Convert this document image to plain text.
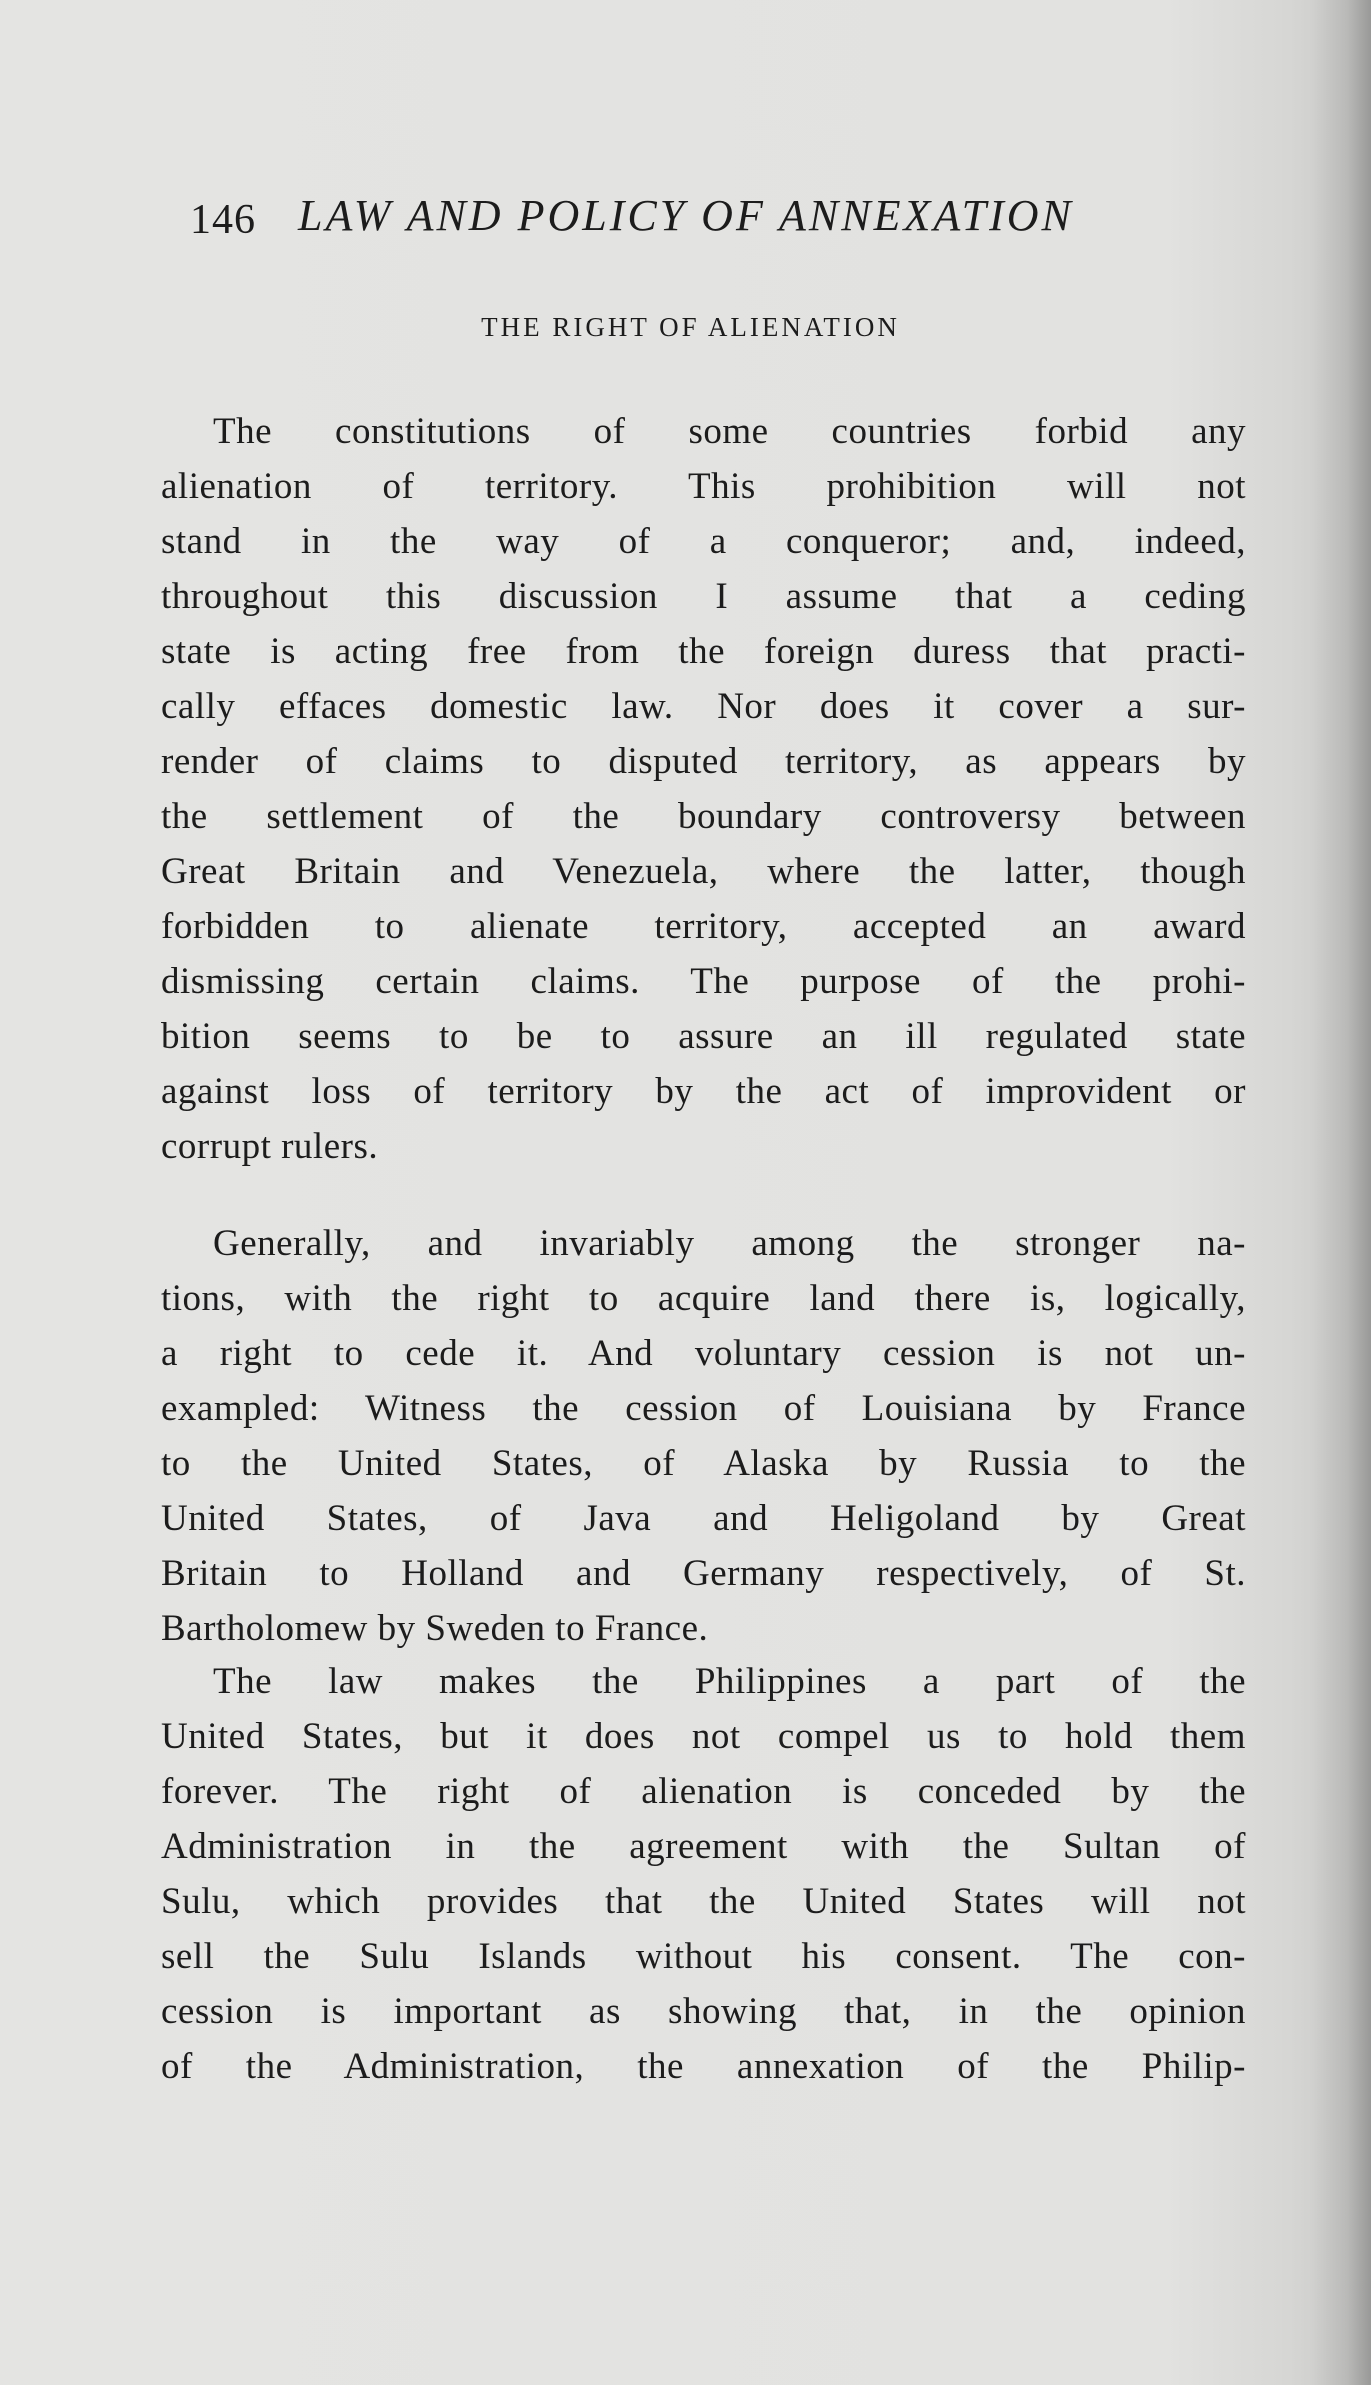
146 LAW AND POLICY OF ANNEXATION
THE RIGHT OF ALIENATION
The constitutions of some countries forbid any
alienation of territory. This prohibition will not
stand in the way of a conqueror; and, indeed,
throughout this discussion I assume that a ceding
state is acting free from the foreign duress that practi-
cally effaces domestic law. Nor does it cover a sur-
render of claims to disputed territory, as appears by
the settlement of the boundary controversy between
Great Britain and Venezuela, where the latter, though
forbidden to alienate territory, accepted an award
dismissing certain claims. The purpose of the prohi-
bition seems to be to assure an ill regulated state
against loss of territory by the act of improvident or
corrupt rulers.
Generally, and invariably among the stronger na-
tions, with the right to acquire land there is, logically,
a right to cede it. And voluntary cession is not un-
exampled: Witness the cession of Louisiana by France
to the United States, of Alaska by Russia to the
United States, of Java and Heligoland by Great
Britain to Holland and Germany respectively, of St.
Bartholomew by Sweden to France.
The law makes the Philippines a part of the
United States, but it does not compel us to hold them
forever. The right of alienation is conceded by the
Administration in the agreement with the Sultan of
Sulu, which provides that the United States will not
sell the Sulu Islands without his consent. The con-
cession is important as showing that, in the opinion
of the Administration, the annexation of the Philip-
